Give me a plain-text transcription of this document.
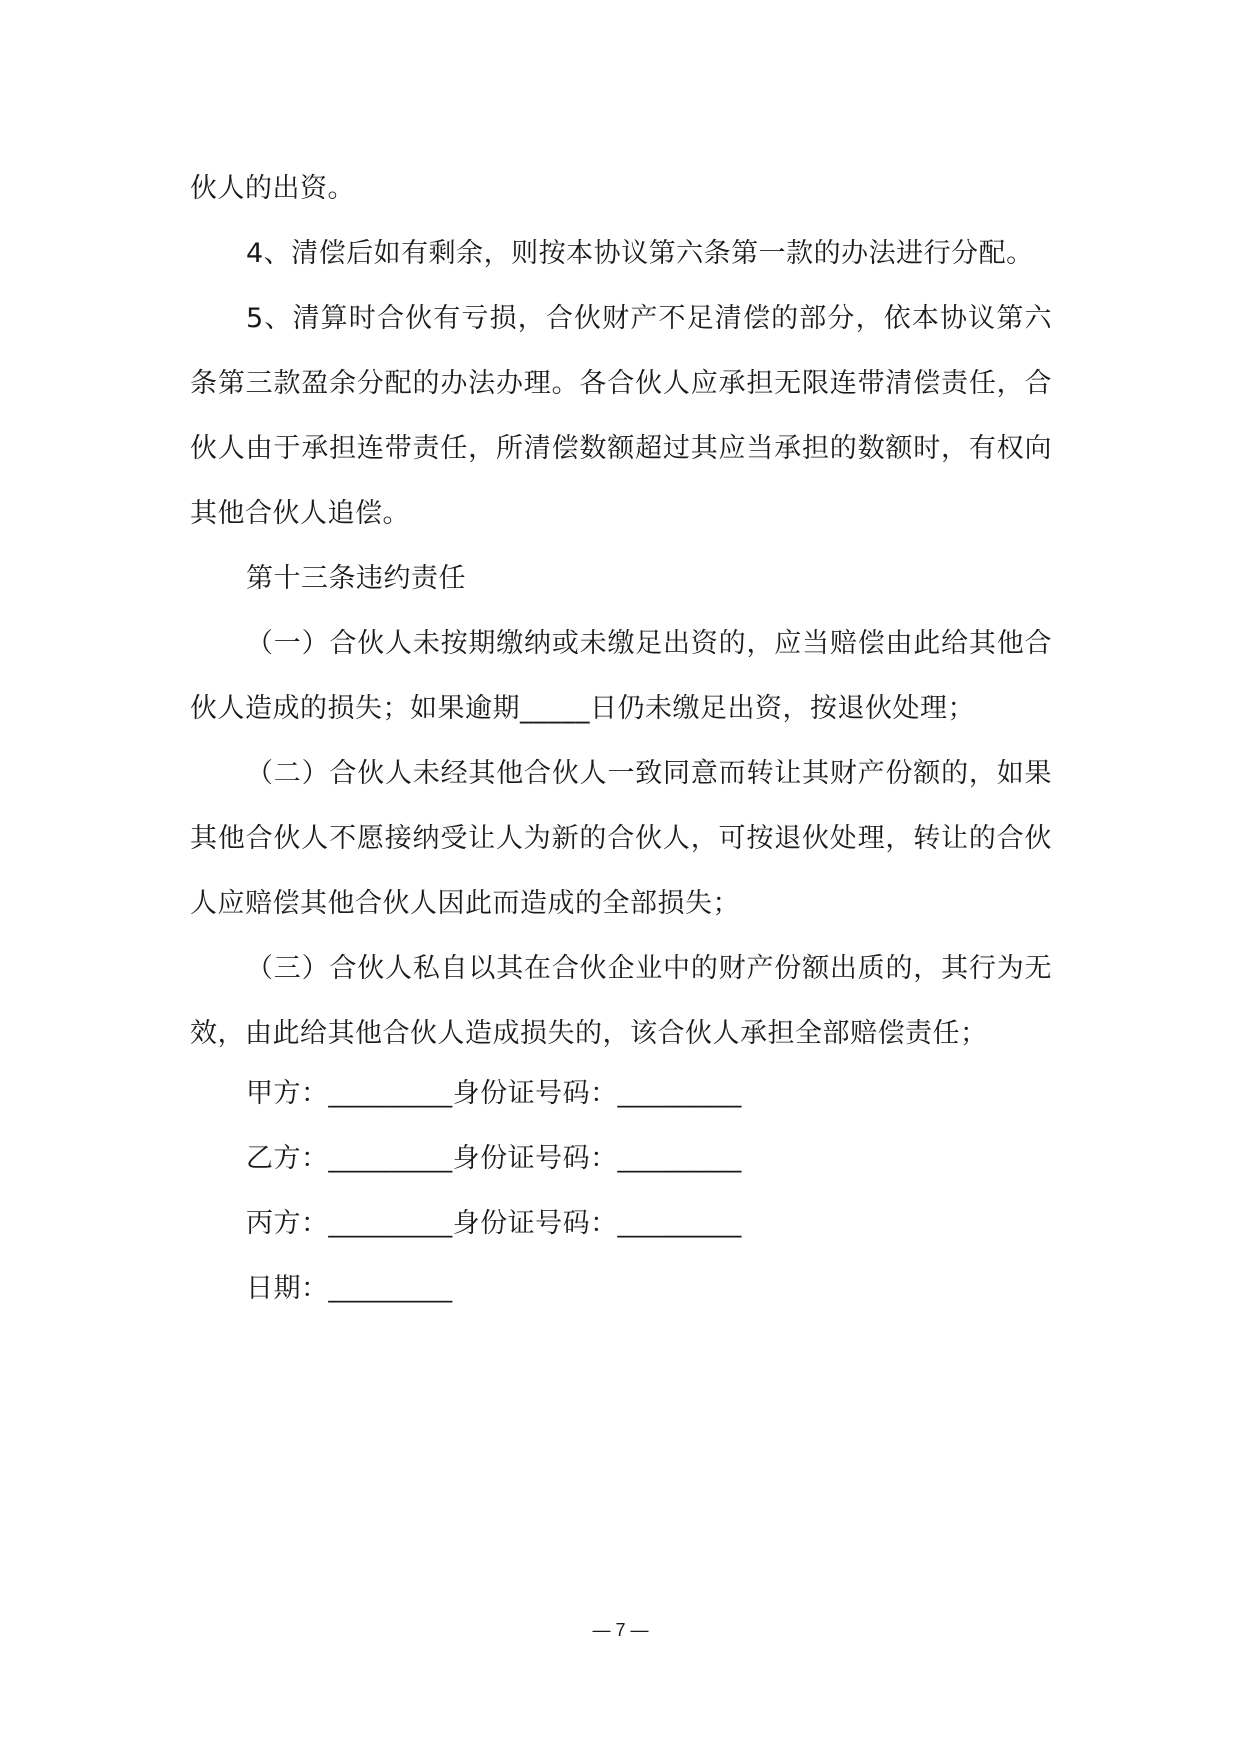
伙人的出资。

4、清偿后如有剩余，则按本协议第六条第一款的办法进行分配。

5、清算时合伙有亏损，合伙财产不足清偿的部分，依本协议第六条第三款盈余分配的办法办理。各合伙人应承担无限连带清偿责任，合伙人由于承担连带责任，所清偿数额超过其应当承担的数额时，有权向其他合伙人追偿。

第十三条违约责任

（一）合伙人未按期缴纳或未缴足出资的，应当赔偿由此给其他合伙人造成的损失；如果逾期_____日仍未缴足出资，按退伙处理；

（二）合伙人未经其他合伙人一致同意而转让其财产份额的，如果其他合伙人不愿接纳受让人为新的合伙人，可按退伙处理，转让的合伙人应赔偿其他合伙人因此而造成的全部损失；

（三）合伙人私自以其在合伙企业中的财产份额出质的，其行为无效，由此给其他合伙人造成损失的，该合伙人承担全部赔偿责任；

甲方：________身份证号码：________
乙方：________身份证号码：________
丙方：________身份证号码：________
日期：________
— 7 —
